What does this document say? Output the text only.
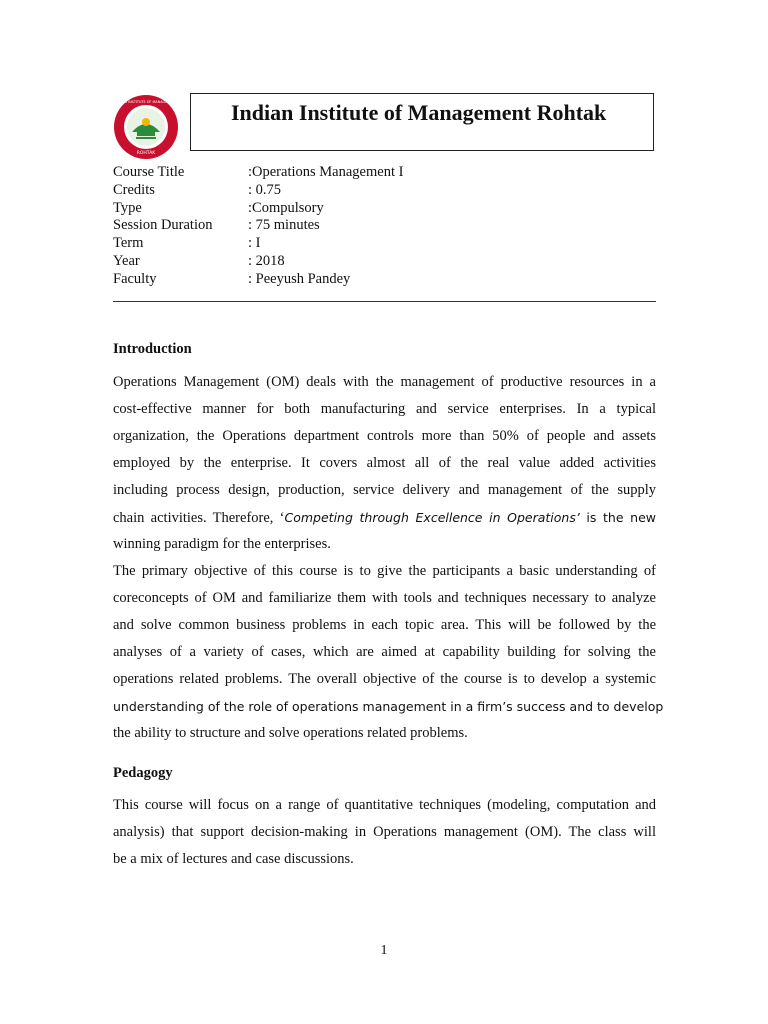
ROHTAK
INDIAN INSTITUTE OF MANAGEMENT Indian Institute of Management Rohtak
Course Title	:Operations Management I
Credits	: 0.75
Type	:Compulsory
Session Duration : 75 minutes
Term	: I
Year	: 2018
Faculty	: Peeyush Pandey
Introduction
Operations Management (OM) deals with the management of productive resources in a
cost-effective manner for both manufacturing and service enterprises. In a typical
organization, the Operations department controls more than 50% of people and assets
employed by the enterprise. It covers almost all of the real value added activities
including process design, production, service delivery and management of the supply
chain activities. Therefore, ‘Competing through Excellence in Operations’ is the new
winning paradigm for the enterprises.
The primary objective of this course is to give the participants a basic understanding of
coreconcepts of OM and familiarize them with tools and techniques necessary to analyze
and solve common business problems in each topic area. This will be followed by the
analyses of a variety of cases, which are aimed at capability building for solving the
operations related problems. The overall objective of the course is to develop a systemic
understanding of the role of operations management in a firm’s success and to develop
the ability to structure and solve operations related problems.
Pedagogy
This course will focus on a range of quantitative techniques (modeling, computation and
analysis) that support decision-making in Operations management (OM). The class will
be a mix of lectures and case discussions.
1
